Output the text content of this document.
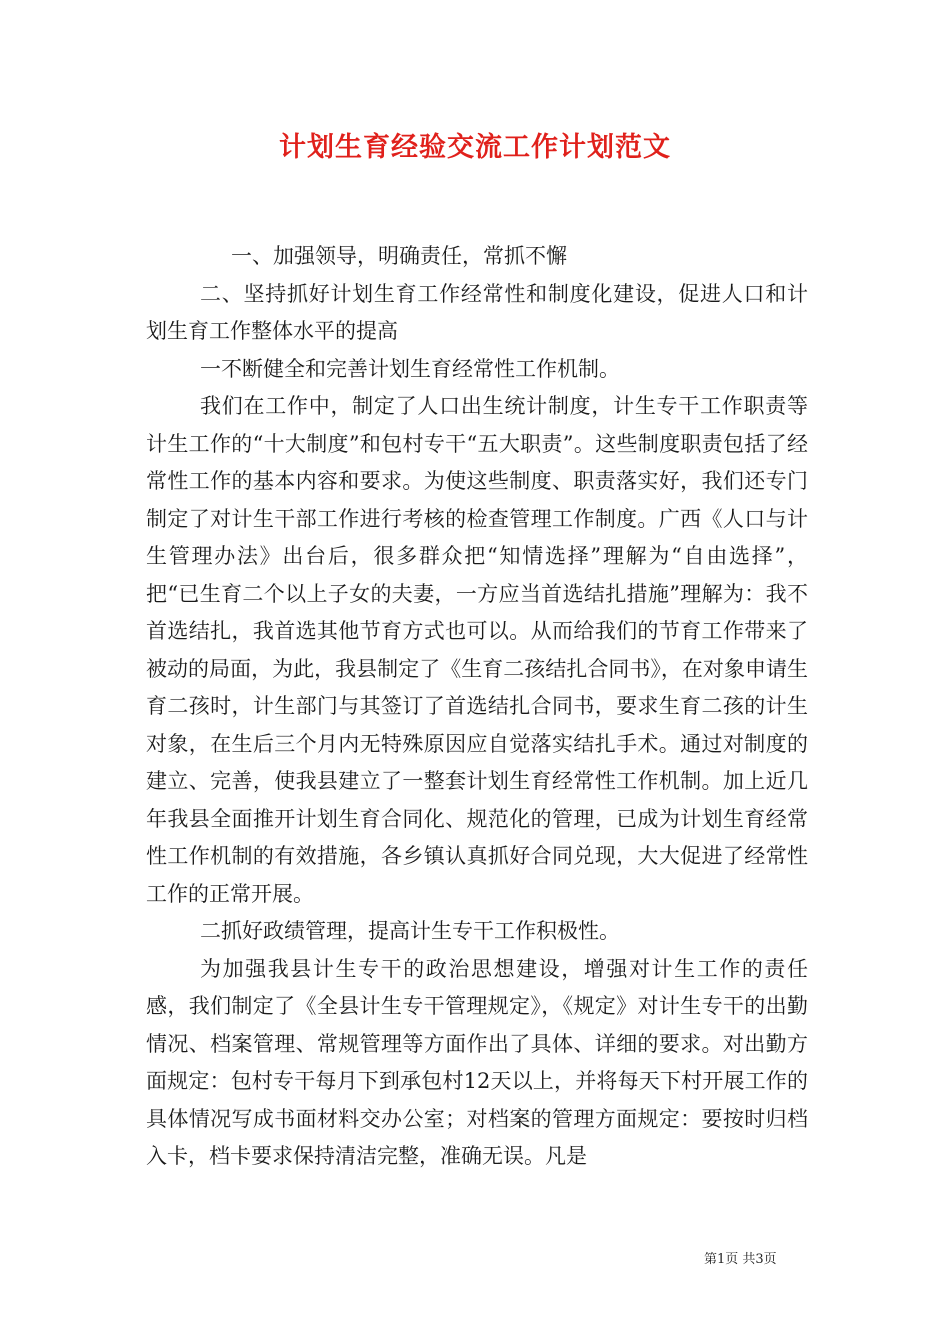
计划生育经验交流工作计划范文

一、加强领导，明确责任，常抓不懈

二、坚持抓好计划生育工作经常性和制度化建设，促进人口和计划生育工作整体水平的提高

一不断健全和完善计划生育经常性工作机制。

我们在工作中，制定了人口出生统计制度，计生专干工作职责等计生工作的“十大制度”和包村专干“五大职责”。这些制度职责包括了经常性工作的基本内容和要求。为使这些制度、职责落实好，我们还专门制定了对计生干部工作进行考核的检查管理工作制度。广西《人口与计生管理办法》出台后，很多群众把“知情选择”理解为“自由选择”，把“已生育二个以上子女的夫妻，一方应当首选结扎措施”理解为：我不首选结扎，我首选其他节育方式也可以。从而给我们的节育工作带来了被动的局面，为此，我县制定了《生育二孩结扎合同书》，在对象申请生育二孩时，计生部门与其签订了首选结扎合同书，要求生育二孩的计生对象，在生后三个月内无特殊原因应自觉落实结扎手术。通过对制度的建立、完善，使我县建立了一整套计划生育经常性工作机制。加上近几年我县全面推开计划生育合同化、规范化的管理，已成为计划生育经常性工作机制的有效措施，各乡镇认真抓好合同兑现，大大促进了经常性工作的正常开展。

二抓好政绩管理，提高计生专干工作积极性。

为加强我县计生专干的政治思想建设，增强对计生工作的责任感，我们制定了《全县计生专干管理规定》，《规定》对计生专干的出勤情况、档案管理、常规管理等方面作出了具体、详细的要求。对出勤方面规定：包村专干每月下到承包村12天以上，并将每天下村开展工作的具体情况写成书面材料交办公室；对档案的管理方面规定：要按时归档入卡，档卡要求保持清洁完整，准确无误。凡是

第1页 共3页
